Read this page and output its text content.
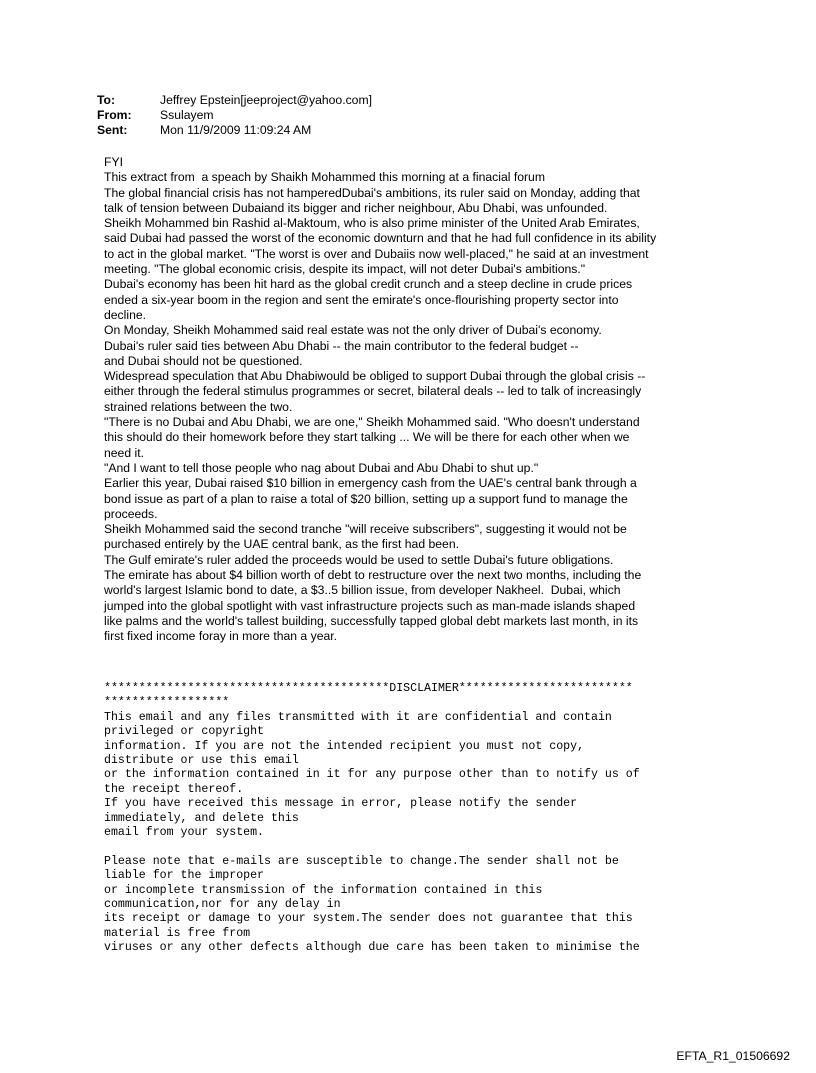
To:	Jeffrey Epstein[jeeproject@yahoo.com]
From:	Ssulayem
Sent:	Mon 11/9/2009 11:09:24 AM
FYI
This extract from  a speach by Shaikh Mohammed this morning at a finacial forum
The global financial crisis has not hamperedDubai's ambitions, its ruler said on Monday, adding that
talk of tension between Dubaiand its bigger and richer neighbour, Abu Dhabi, was unfounded.
Sheikh Mohammed bin Rashid al-Maktoum, who is also prime minister of the United Arab Emirates,
said Dubai had passed the worst of the economic downturn and that he had full confidence in its ability
to act in the global market. "The worst is over and Dubaiis now well-placed," he said at an investment
meeting. "The global economic crisis, despite its impact, will not deter Dubai's ambitions."
Dubai's economy has been hit hard as the global credit crunch and a steep decline in crude prices
ended a six-year boom in the region and sent the emirate's once-flourishing property sector into
decline.
On Monday, Sheikh Mohammed said real estate was not the only driver of Dubai's economy.
Dubai's ruler said ties between Abu Dhabi -- the main contributor to the federal budget --
and Dubai should not be questioned.
Widespread speculation that Abu Dhabiwould be obliged to support Dubai through the global crisis --
either through the federal stimulus programmes or secret, bilateral deals -- led to talk of increasingly
strained relations between the two.
"There is no Dubai and Abu Dhabi, we are one," Sheikh Mohammed said. "Who doesn't understand
this should do their homework before they start talking ... We will be there for each other when we
need it.
"And I want to tell those people who nag about Dubai and Abu Dhabi to shut up."
Earlier this year, Dubai raised $10 billion in emergency cash from the UAE's central bank through a
bond issue as part of a plan to raise a total of $20 billion, setting up a support fund to manage the
proceeds.
Sheikh Mohammed said the second tranche "will receive subscribers", suggesting it would not be
purchased entirely by the UAE central bank, as the first had been.
The Gulf emirate's ruler added the proceeds would be used to settle Dubai's future obligations.
The emirate has about $4 billion worth of debt to restructure over the next two months, including the
world's largest Islamic bond to date, a $3..5 billion issue, from developer Nakheel.  Dubai, which
jumped into the global spotlight with vast infrastructure projects such as man-made islands shaped
like palms and the world's tallest building, successfully tapped global debt markets last month, in its
first fixed income foray in more than a year.
*****************************************DISCLAIMER*************************
******************
This email and any files transmitted with it are confidential and contain
privileged or copyright
information. If you are not the intended recipient you must not copy,
distribute or use this email
or the information contained in it for any purpose other than to notify us of
the receipt thereof.
If you have received this message in error, please notify the sender
immediately, and delete this
email from your system.
Please note that e-mails are susceptible to change.The sender shall not be
liable for the improper
or incomplete transmission of the information contained in this
communication,nor for any delay in
its receipt or damage to your system.The sender does not guarantee that this
material is free from
viruses or any other defects although due care has been taken to minimise the
EFTA_R1_01506692
